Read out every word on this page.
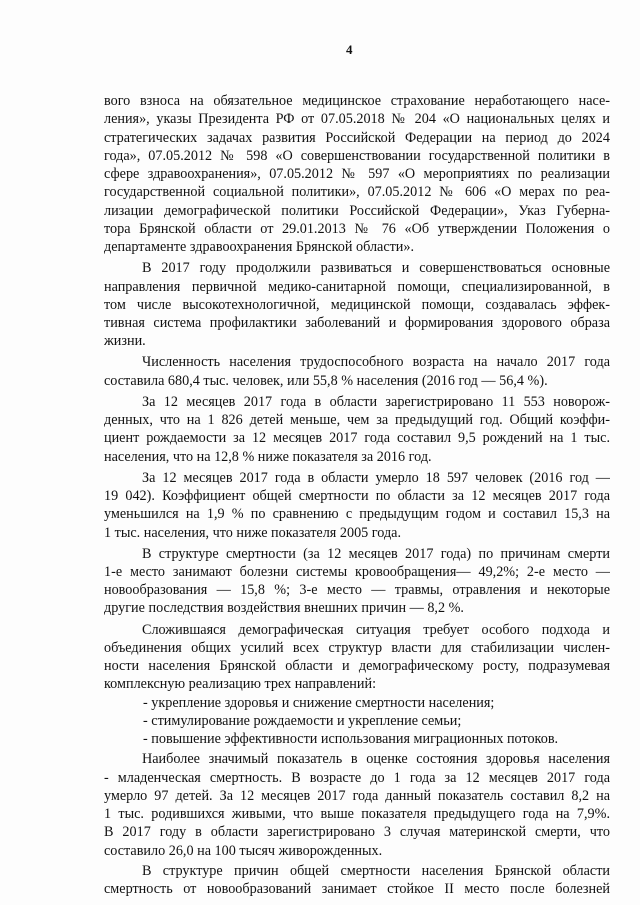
4
вого взноса на обязательное медицинское страхование неработающего насе-
ления», указы Президента РФ от 07.05.2018 № 204 «О национальных целях и
стратегических задачах развития Российской Федерации на период до 2024
года», 07.05.2012 № 598 «О совершенствовании государственной политики в
сфере здравоохранения», 07.05.2012 № 597 «О мероприятиях по реализации
государственной социальной политики», 07.05.2012 № 606 «О мерах по реа-
лизации демографической политики Российской Федерации», Указ Губерна-
тора Брянской области от 29.01.2013 № 76 «Об утверждении Положения о
департаменте здравоохранения Брянской области».
В 2017 году продолжили развиваться и совершенствоваться основные
направления первичной медико-санитарной помощи, специализированной, в
том числе высокотехнологичной, медицинской помощи, создавалась эффек-
тивная система профилактики заболеваний и формирования здорового образа
жизни.
Численность населения трудоспособного возраста на начало 2017 года
составила 680,4 тыс. человек, или 55,8 % населения (2016 год — 56,4 %).
За 12 месяцев 2017 года в области зарегистрировано 11 553 новорож-
денных, что на 1 826 детей меньше, чем за предыдущий год. Общий коэффи-
циент рождаемости за 12 месяцев 2017 года составил 9,5 рождений на 1 тыс.
населения, что на 12,8 % ниже показателя за 2016 год.
За 12 месяцев 2017 года в области умерло 18 597 человек (2016 год —
19 042). Коэффициент общей смертности по области за 12 месяцев 2017 года
уменьшился на 1,9 % по сравнению с предыдущим годом и составил 15,3 на
1 тыс. населения, что ниже показателя 2005 года.
В структуре смертности (за 12 месяцев 2017 года) по причинам смерти
1-е место занимают болезни системы кровообращения— 49,2%; 2-е место —
новообразования — 15,8 %; 3-е место — травмы, отравления и некоторые
другие последствия воздействия внешних причин — 8,2 %.
Сложившаяся демографическая ситуация требует особого подхода и
объединения общих усилий всех структур власти для стабилизации числен-
ности населения Брянской области и демографическому росту, подразумевая
комплексную реализацию трех направлений:
- укрепление здоровья и снижение смертности населения;
- стимулирование рождаемости и укрепление семьи;
- повышение эффективности использования миграционных потоков.
Наиболее значимый показатель в оценке состояния здоровья населения
- младенческая смертность. В возрасте до 1 года за 12 месяцев 2017 года
умерло 97 детей. За 12 месяцев 2017 года данный показатель составил 8,2 на
1 тыс. родившихся живыми, что выше показателя предыдущего года на 7,9%.
В 2017 году в области зарегистрировано 3 случая материнской смерти, что
составило 26,0 на 100 тысяч живорожденных.
В структуре причин общей смертности населения Брянской области
смертность от новообразований занимает стойкое II место после болезней
